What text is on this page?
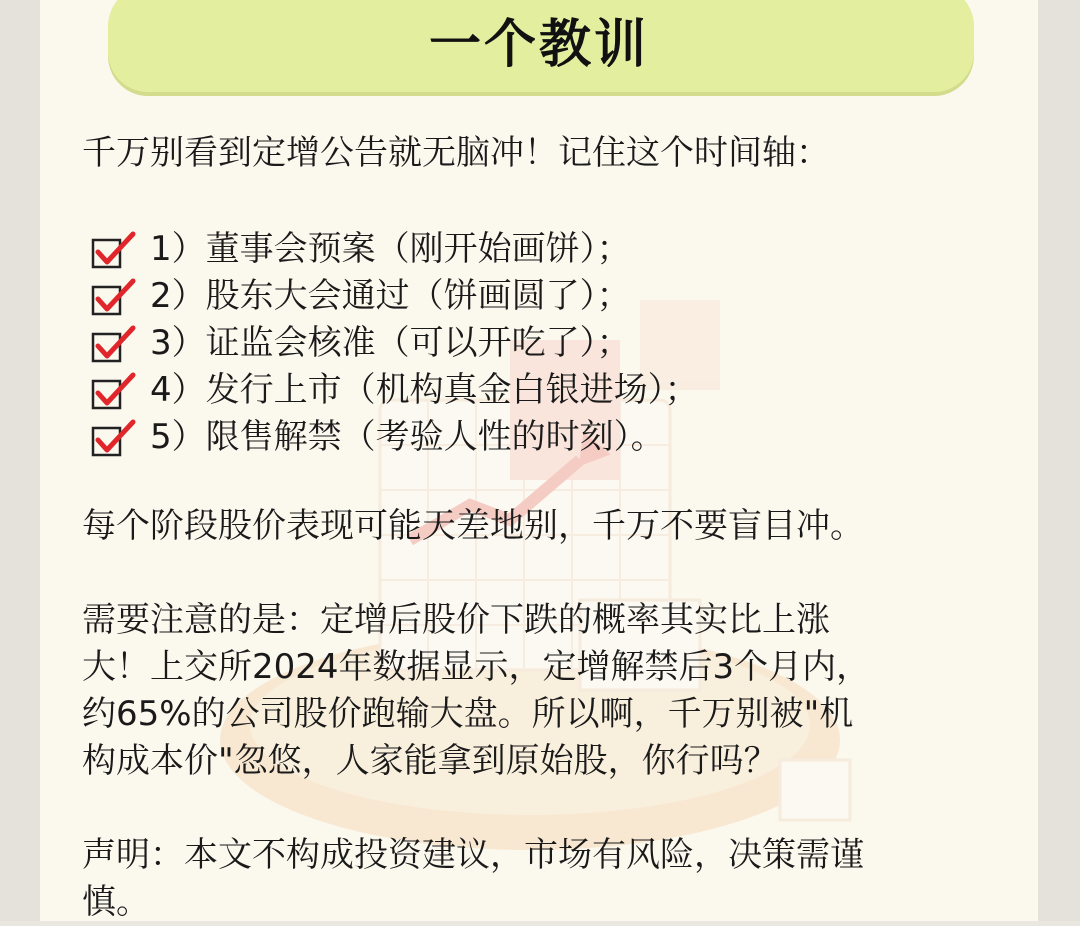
一个教训
千万别看到定增公告就无脑冲！记住这个时间轴：
1）董事会预案（刚开始画饼）；
2）股东大会通过（饼画圆了）；
3）证监会核准（可以开吃了）；
4）发行上市（机构真金白银进场）；
5）限售解禁（考验人性的时刻）。
每个阶段股价表现可能天差地别，千万不要盲目冲。
需要注意的是：定增后股价下跌的概率其实比上涨
大！上交所2024年数据显示，定增解禁后3个月内，
约65%的公司股价跑输大盘。所以啊，千万别被"机
构成本价"忽悠，人家能拿到原始股，你行吗？
声明：本文不构成投资建议，市场有风险，决策需谨
慎。
